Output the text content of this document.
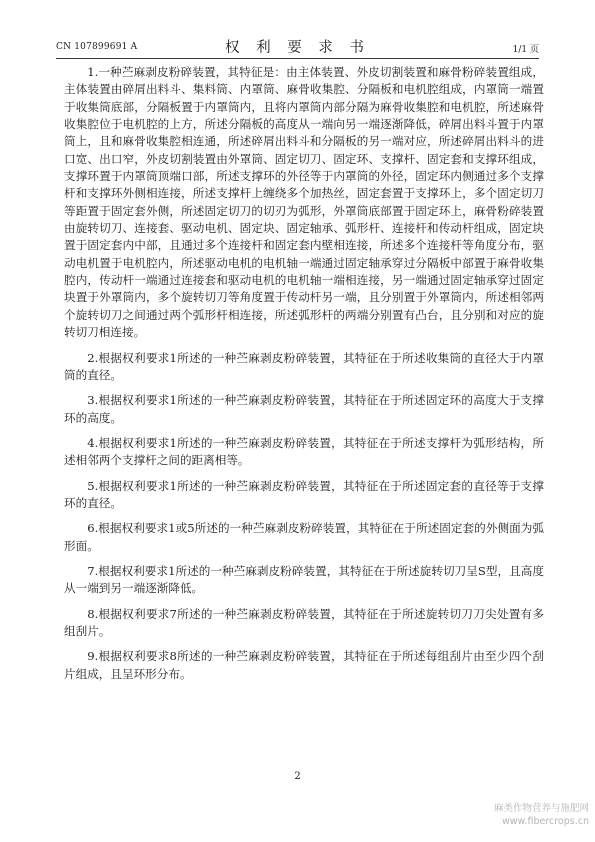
CN 107899691 A	权 利 要 求 书	1/1 页

1.一种苎麻剥皮粉碎装置，其特征是：由主体装置、外皮切割装置和麻骨粉碎装置组成，主体装置由碎屑出料斗、集料筒、内罩筒、麻骨收集腔、分隔板和电机腔组成，内罩筒一端置于收集筒底部，分隔板置于内罩筒内，且将内罩筒内部分隔为麻骨收集腔和电机腔，所述麻骨收集腔位于电机腔的上方，所述分隔板的高度从一端向另一端逐渐降低，碎屑出料斗置于内罩筒上，且和麻骨收集腔相连通，所述碎屑出料斗和分隔板的另一端对应，所述碎屑出料斗的进口宽、出口窄，外皮切割装置由外罩筒、固定切刀、固定环、支撑杆、固定套和支撑环组成，支撑环置于内罩筒顶端口部，所述支撑环的外径等于内罩筒的外径，固定环内侧通过多个支撑杆和支撑环外侧相连接，所述支撑杆上缠绕多个加热丝，固定套置于支撑环上，多个固定切刀等距置于固定套外侧，所述固定切刀的切刃为弧形，外罩筒底部置于固定环上，麻骨粉碎装置由旋转切刀、连接套、驱动电机、固定块、固定轴承、弧形杆、连接杆和传动杆组成，固定块置于固定套内中部，且通过多个连接杆和固定套内壁相连接，所述多个连接杆等角度分布，驱动电机置于电机腔内，所述驱动电机的电机轴一端通过固定轴承穿过分隔板中部置于麻骨收集腔内，传动杆一端通过连接套和驱动电机的电机轴一端相连接，另一端通过固定轴承穿过固定块置于外罩筒内，多个旋转切刀等角度置于传动杆另一端，且分别置于外罩筒内，所述相邻两个旋转切刀之间通过两个弧形杆相连接，所述弧形杆的两端分别置有凸台，且分别和对应的旋转切刀相连接。

2.根据权利要求1所述的一种苎麻剥皮粉碎装置，其特征在于所述收集筒的直径大于内罩筒的直径。

3.根据权利要求1所述的一种苎麻剥皮粉碎装置，其特征在于所述固定环的高度大于支撑环的高度。

4.根据权利要求1所述的一种苎麻剥皮粉碎装置，其特征在于所述支撑杆为弧形结构，所述相邻两个支撑杆之间的距离相等。

5.根据权利要求1所述的一种苎麻剥皮粉碎装置，其特征在于所述固定套的直径等于支撑环的直径。

6.根据权利要求1或5所述的一种苎麻剥皮粉碎装置，其特征在于所述固定套的外侧面为弧形面。

7.根据权利要求1所述的一种苎麻剥皮粉碎装置，其特征在于所述旋转切刀呈S型，且高度从一端到另一端逐渐降低。

8.根据权利要求7所述的一种苎麻剥皮粉碎装置，其特征在于所述旋转切刀刀尖处置有多组刮片。

9.根据权利要求8所述的一种苎麻剥皮粉碎装置，其特征在于所述每组刮片由至少四个刮片组成，且呈环形分布。

2
麻类作物营养与施肥网
www.fibercrops.cn
